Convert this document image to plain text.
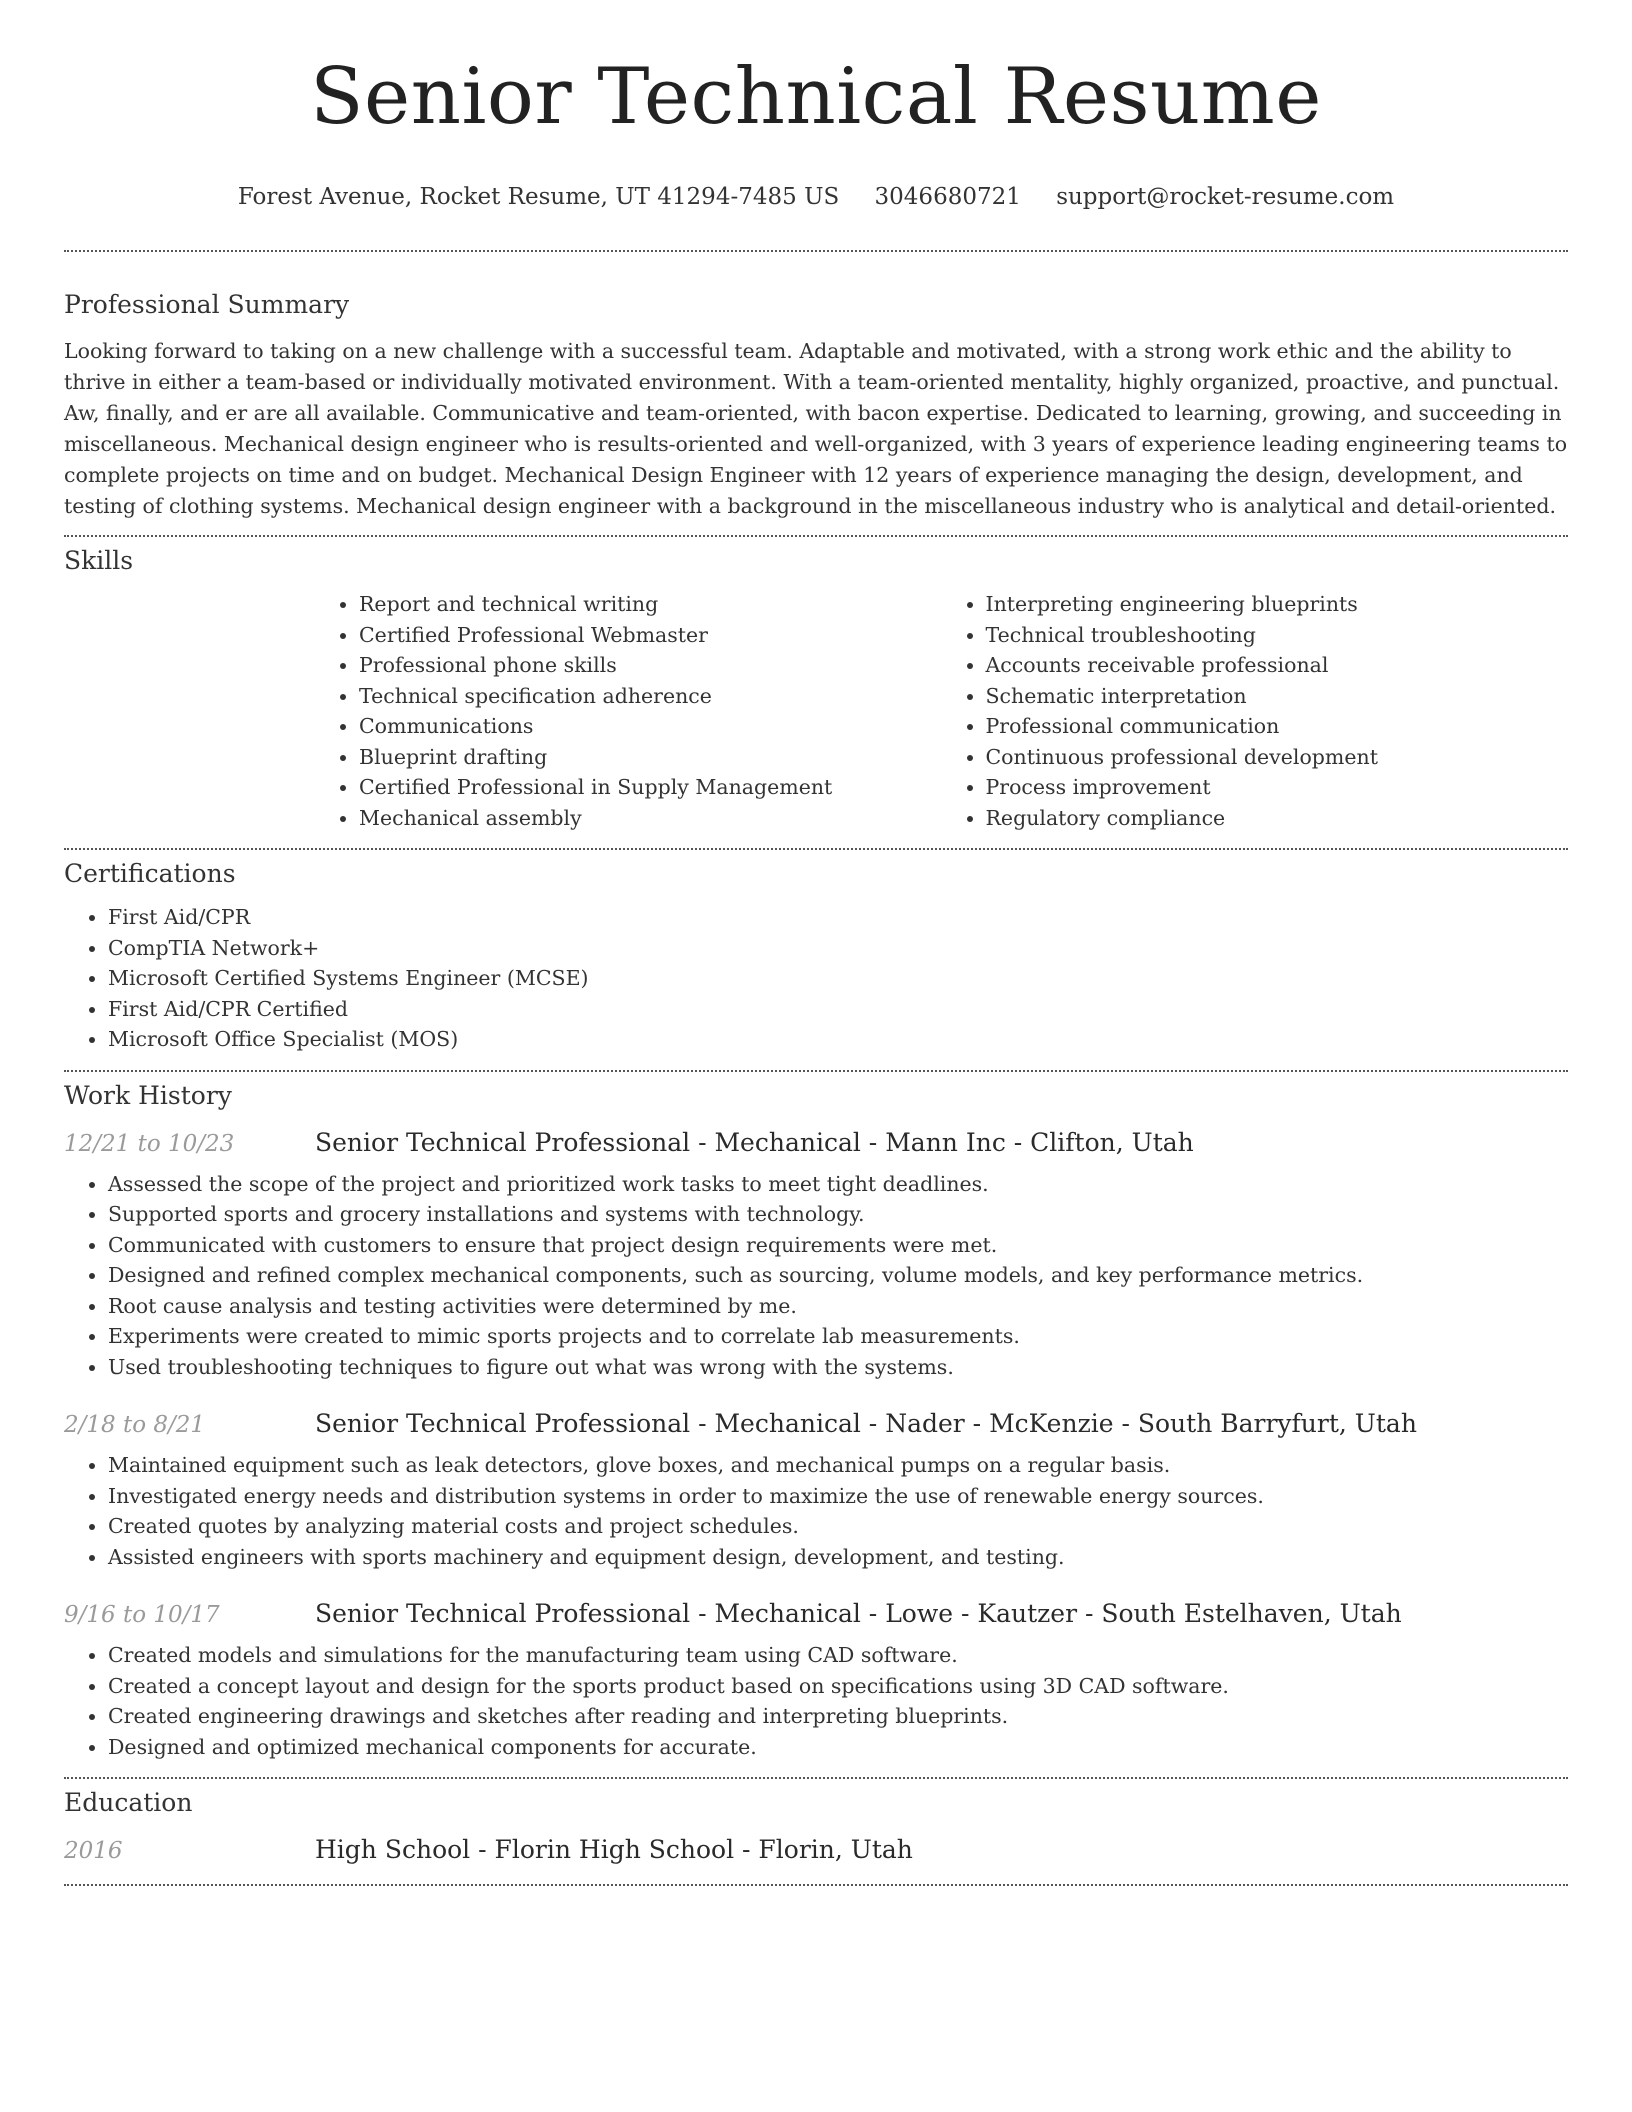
Senior Technical Resume
Forest Avenue, Rocket Resume, UT 41294-7485 US 3046680721 support@rocket-resume.com
Professional Summary

Looking forward to taking on a new challenge with a successful team. Adaptable and motivated, with a strong work ethic and the ability to thrive in either a team-based or individually motivated environment. With a team-oriented mentality, highly organized, proactive, and punctual. Aw, finally, and er are all available. Communicative and team-oriented, with bacon expertise. Dedicated to learning, growing, and succeeding in miscellaneous. Mechanical design engineer who is results-oriented and well-organized, with 3 years of experience leading engineering teams to complete projects on time and on budget. Mechanical Design Engineer with 12 years of experience managing the design, development, and testing of clothing systems. Mechanical design engineer with a background in the miscellaneous industry who is analytical and detail-oriented.

Skills
• Report and technical writing
• Certified Professional Webmaster
• Professional phone skills
• Technical specification adherence
• Communications
• Blueprint drafting
• Certified Professional in Supply Management
• Mechanical assembly
• Interpreting engineering blueprints
• Technical troubleshooting
• Accounts receivable professional
• Schematic interpretation
• Professional communication
• Continuous professional development
• Process improvement
• Regulatory compliance
Certifications
• First Aid/CPR
• CompTIA Network+
• Microsoft Certified Systems Engineer (MCSE)
• First Aid/CPR Certified
• Microsoft Office Specialist (MOS)
Work History
12/21 to 10/23	Senior Technical Professional - Mechanical - Mann Inc - Clifton, Utah
• Assessed the scope of the project and prioritized work tasks to meet tight deadlines.
• Supported sports and grocery installations and systems with technology.
• Communicated with customers to ensure that project design requirements were met.
• Designed and refined complex mechanical components, such as sourcing, volume models, and key performance metrics.
• Root cause analysis and testing activities were determined by me.
• Experiments were created to mimic sports projects and to correlate lab measurements.
• Used troubleshooting techniques to figure out what was wrong with the systems.
2/18 to 8/21	Senior Technical Professional - Mechanical - Nader - McKenzie - South Barryfurt, Utah
• Maintained equipment such as leak detectors, glove boxes, and mechanical pumps on a regular basis.
• Investigated energy needs and distribution systems in order to maximize the use of renewable energy sources.
• Created quotes by analyzing material costs and project schedules.
• Assisted engineers with sports machinery and equipment design, development, and testing.
9/16 to 10/17	Senior Technical Professional - Mechanical - Lowe - Kautzer - South Estelhaven, Utah
• Created models and simulations for the manufacturing team using CAD software.
• Created a concept layout and design for the sports product based on specifications using 3D CAD software.
• Created engineering drawings and sketches after reading and interpreting blueprints.
• Designed and optimized mechanical components for accurate.
Education
2016	High School - Florin High School - Florin, Utah
